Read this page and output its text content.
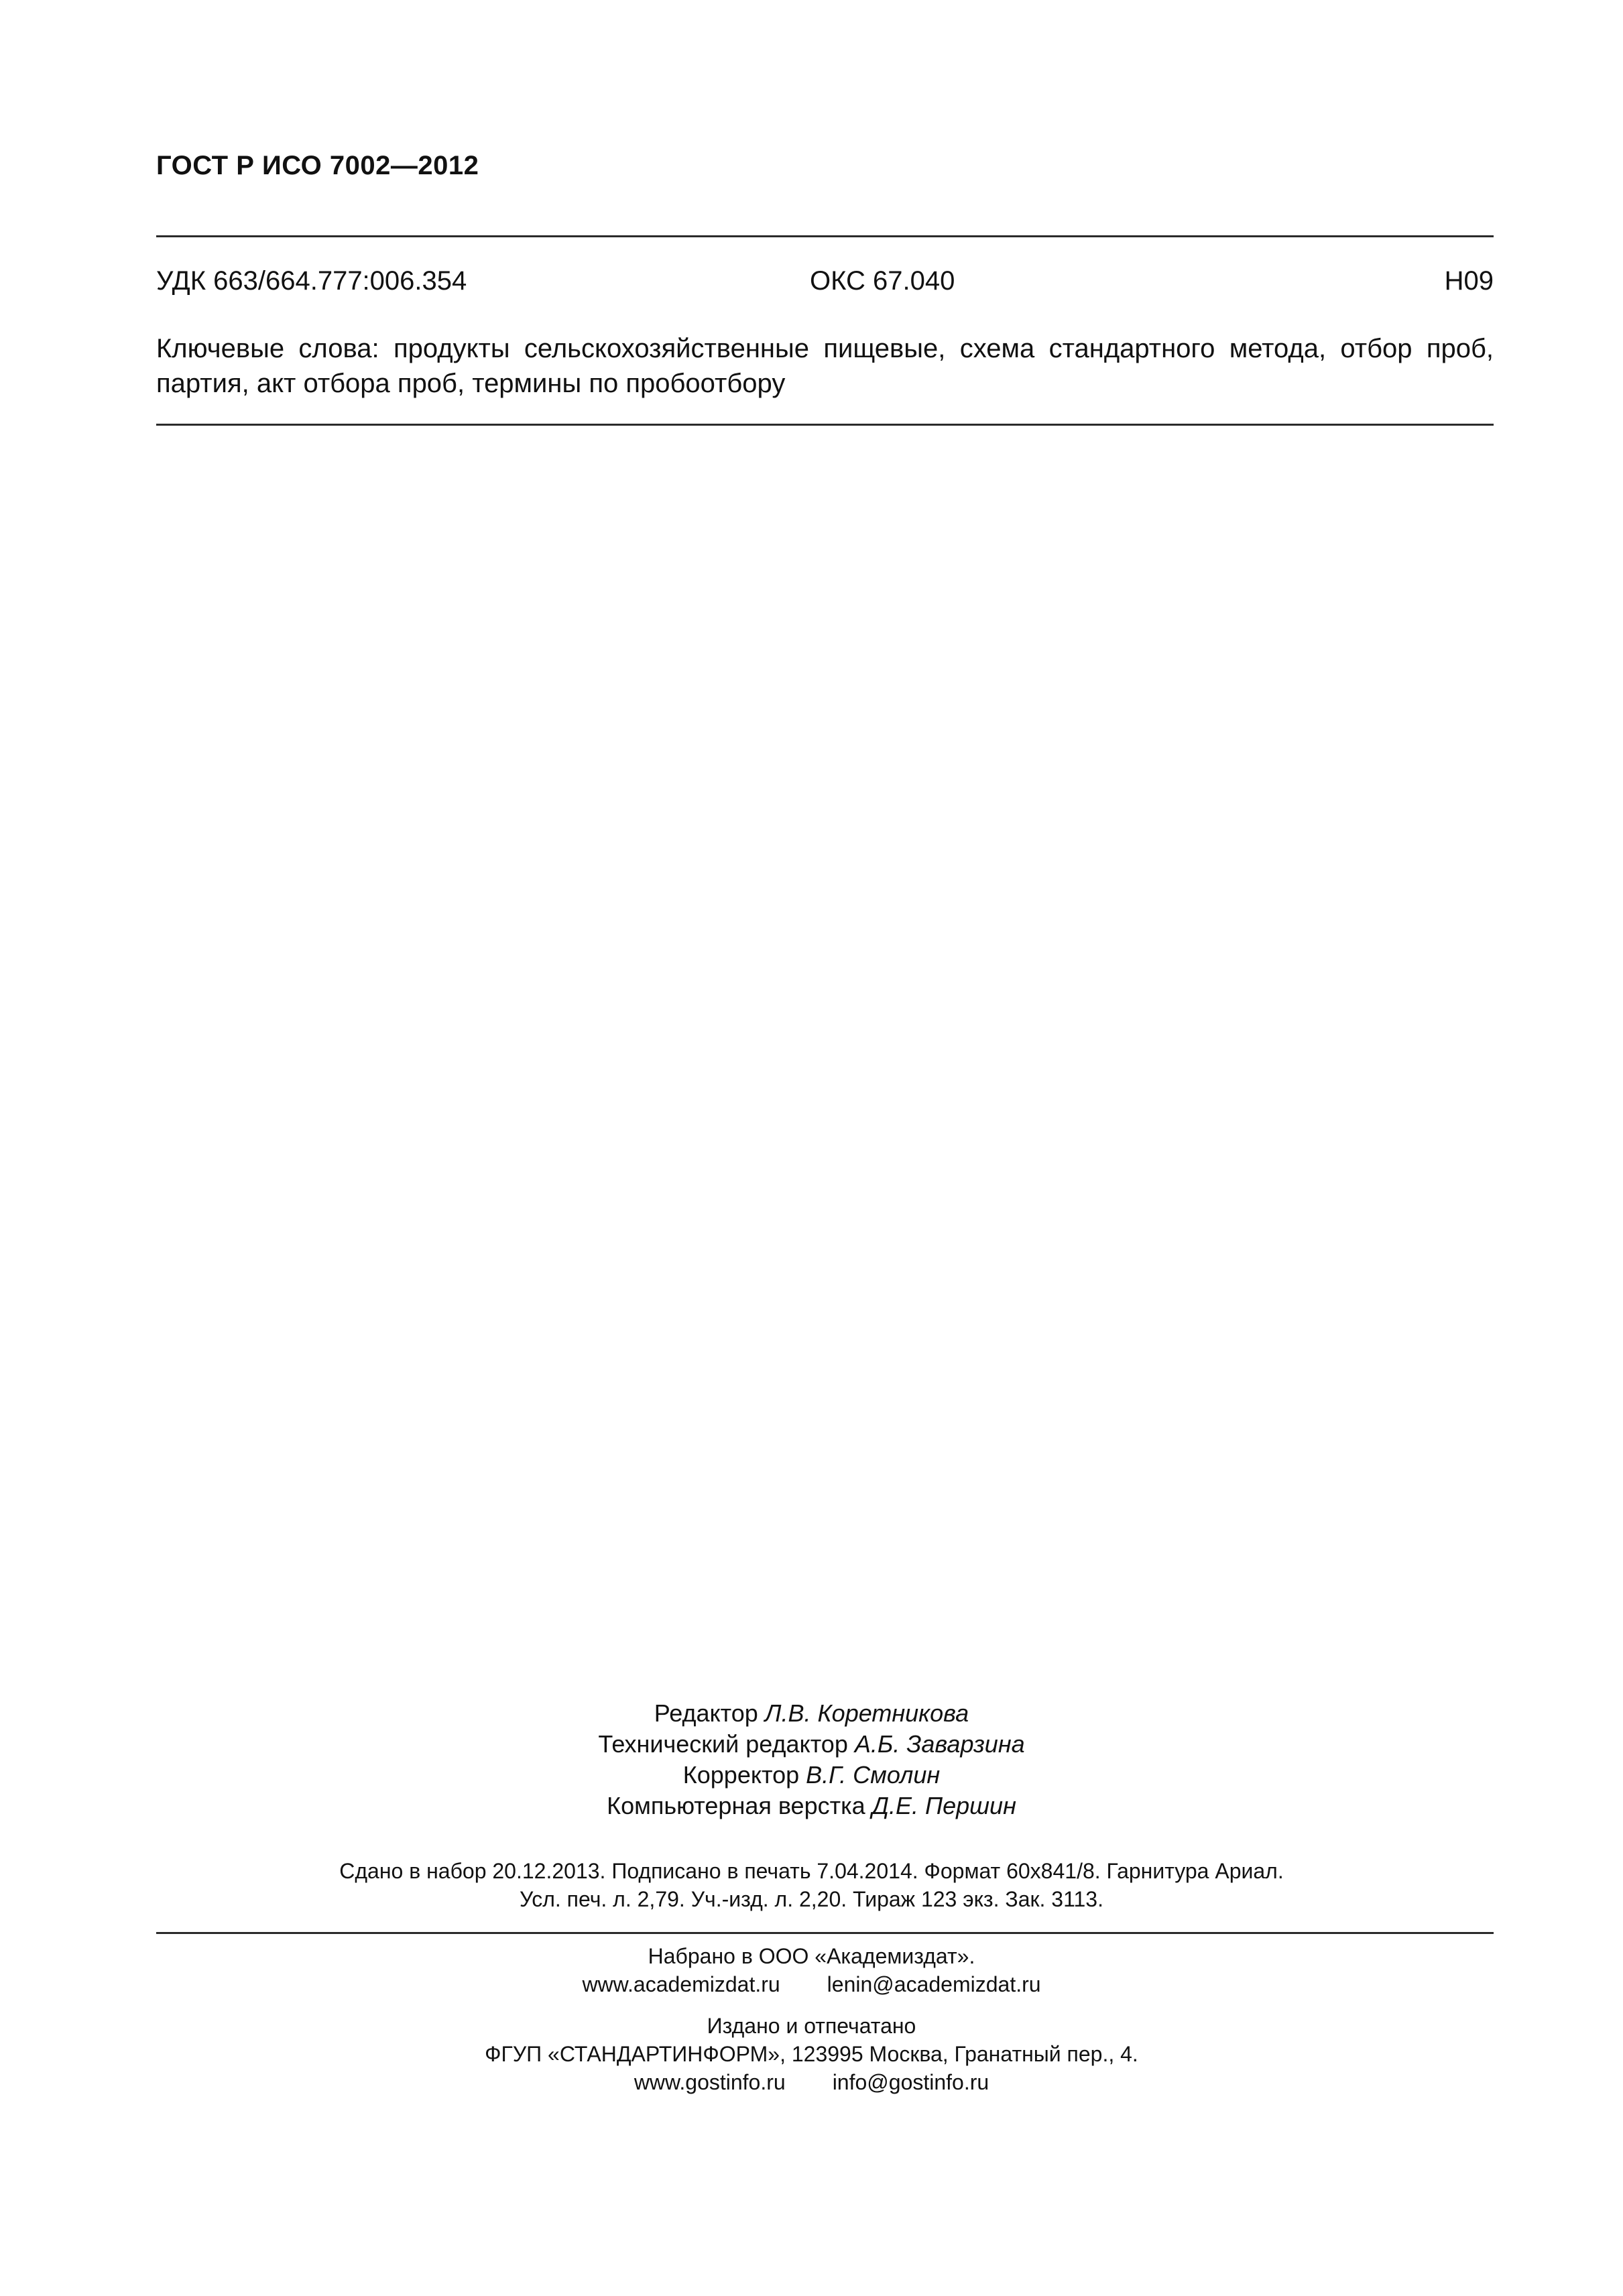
ГОСТ Р ИСО 7002—2012
УДК 663/664.777:006.354	ОКС 67.040	Н09
Ключевые слова: продукты сельскохозяйственные пищевые, схема стандартного метода, отбор проб, партия, акт отбора проб, термины по пробоотбору
Редактор Л.В. Коретникова
Технический редактор А.Б. Заварзина
Корректор В.Г. Смолин
Компьютерная верстка Д.Е. Першин
Сдано в набор 20.12.2013. Подписано в печать 7.04.2014. Формат 60x841/8. Гарнитура Ариал.
Усл. печ. л. 2,79. Уч.-изд. л. 2,20. Тираж 123 экз. Зак. 3113.
Набрано в ООО «Академиздат».
www.academizdat.ru lenin@academizdat.ru
Издано и отпечатано
ФГУП «СТАНДАРТИНФОРМ», 123995 Москва, Гранатный пер., 4.
www.gostinfo.ru info@gostinfo.ru
